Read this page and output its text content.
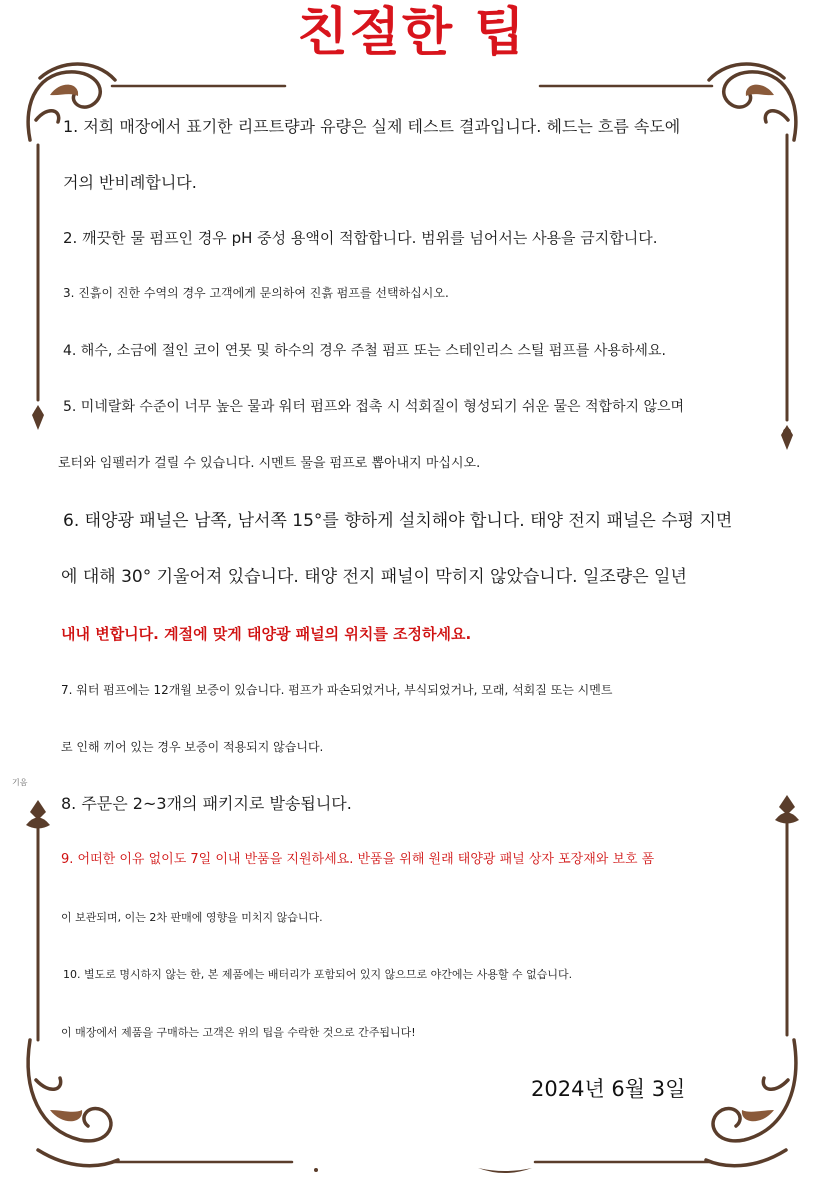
친절한 팁

1. 저희 매장에서 표기한 리프트량과 유량은 실제 테스트 결과입니다. 헤드는 흐름 속도에

거의 반비례합니다.

2. 깨끗한 물 펌프인 경우 pH 중성 용액이 적합합니다. 범위를 넘어서는 사용을 금지합니다.

3. 진흙이 진한 수역의 경우 고객에게 문의하여 진흙 펌프를 선택하십시오.

4. 해수, 소금에 절인 코이 연못 및 하수의 경우 주철 펌프 또는 스테인리스 스틸 펌프를 사용하세요.

5. 미네랄화 수준이 너무 높은 물과 워터 펌프와 접촉 시 석회질이 형성되기 쉬운 물은 적합하지 않으며

로터와 임펠러가 걸릴 수 있습니다. 시멘트 물을 펌프로 뽑아내지 마십시오.

6. 태양광 패널은 남쪽, 남서쪽 15°를 향하게 설치해야 합니다. 태양 전지 패널은 수평 지면

에 대해 30° 기울어져 있습니다. 태양 전지 패널이 막히지 않았습니다. 일조량은 일년

내내 변합니다. 계절에 맞게 태양광 패널의 위치를 조정하세요.

7. 워터 펌프에는 12개월 보증이 있습니다. 펌프가 파손되었거나, 부식되었거나, 모래, 석회질 또는 시멘트

로 인해 끼어 있는 경우 보증이 적용되지 않습니다.

8. 주문은 2~3개의 패키지로 발송됩니다.

9. 어떠한 이유 없이도 7일 이내 반품을 지원하세요. 반품을 위해 원래 태양광 패널 상자 포장재와 보호 폼

이 보관되며, 이는 2차 판매에 영향을 미치지 않습니다.

10. 별도로 명시하지 않는 한, 본 제품에는 배터리가 포함되어 있지 않으므로 야간에는 사용할 수 없습니다.

이 매장에서 제품을 구매하는 고객은 위의 팁을 수락한 것으로 간주됩니다!

2024년 6월 3일

기음
